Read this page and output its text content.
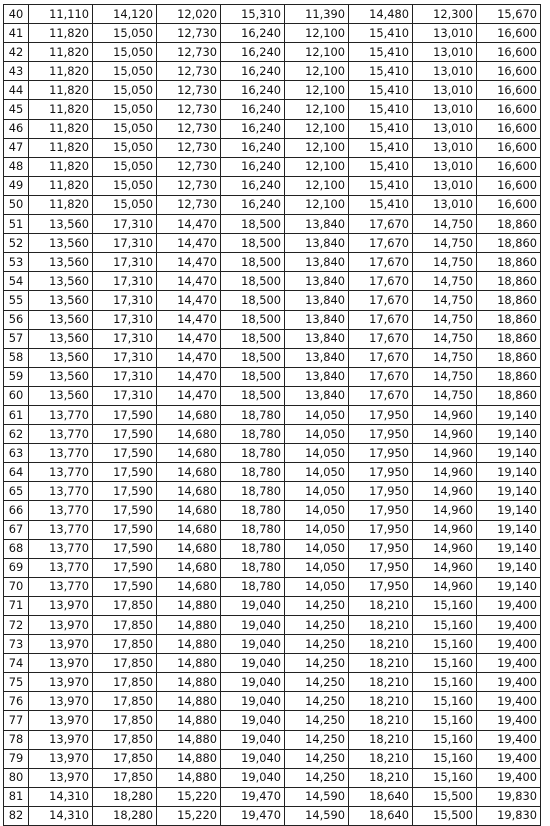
40	11,110	14,120	12,020	15,310	11,390	14,480	12,300	15,670
41	11,820	15,050	12,730	16,240	12,100	15,410	13,010	16,600
42	11,820	15,050	12,730	16,240	12,100	15,410	13,010	16,600
43	11,820	15,050	12,730	16,240	12,100	15,410	13,010	16,600
44	11,820	15,050	12,730	16,240	12,100	15,410	13,010	16,600
45	11,820	15,050	12,730	16,240	12,100	15,410	13,010	16,600
46	11,820	15,050	12,730	16,240	12,100	15,410	13,010	16,600
47	11,820	15,050	12,730	16,240	12,100	15,410	13,010	16,600
48	11,820	15,050	12,730	16,240	12,100	15,410	13,010	16,600
49	11,820	15,050	12,730	16,240	12,100	15,410	13,010	16,600
50	11,820	15,050	12,730	16,240	12,100	15,410	13,010	16,600
51	13,560	17,310	14,470	18,500	13,840	17,670	14,750	18,860
52	13,560	17,310	14,470	18,500	13,840	17,670	14,750	18,860
53	13,560	17,310	14,470	18,500	13,840	17,670	14,750	18,860
54	13,560	17,310	14,470	18,500	13,840	17,670	14,750	18,860
55	13,560	17,310	14,470	18,500	13,840	17,670	14,750	18,860
56	13,560	17,310	14,470	18,500	13,840	17,670	14,750	18,860
57	13,560	17,310	14,470	18,500	13,840	17,670	14,750	18,860
58	13,560	17,310	14,470	18,500	13,840	17,670	14,750	18,860
59	13,560	17,310	14,470	18,500	13,840	17,670	14,750	18,860
60	13,560	17,310	14,470	18,500	13,840	17,670	14,750	18,860
61	13,770	17,590	14,680	18,780	14,050	17,950	14,960	19,140
62	13,770	17,590	14,680	18,780	14,050	17,950	14,960	19,140
63	13,770	17,590	14,680	18,780	14,050	17,950	14,960	19,140
64	13,770	17,590	14,680	18,780	14,050	17,950	14,960	19,140
65	13,770	17,590	14,680	18,780	14,050	17,950	14,960	19,140
66	13,770	17,590	14,680	18,780	14,050	17,950	14,960	19,140
67	13,770	17,590	14,680	18,780	14,050	17,950	14,960	19,140
68	13,770	17,590	14,680	18,780	14,050	17,950	14,960	19,140
69	13,770	17,590	14,680	18,780	14,050	17,950	14,960	19,140
70	13,770	17,590	14,680	18,780	14,050	17,950	14,960	19,140
71	13,970	17,850	14,880	19,040	14,250	18,210	15,160	19,400
72	13,970	17,850	14,880	19,040	14,250	18,210	15,160	19,400
73	13,970	17,850	14,880	19,040	14,250	18,210	15,160	19,400
74	13,970	17,850	14,880	19,040	14,250	18,210	15,160	19,400
75	13,970	17,850	14,880	19,040	14,250	18,210	15,160	19,400
76	13,970	17,850	14,880	19,040	14,250	18,210	15,160	19,400
77	13,970	17,850	14,880	19,040	14,250	18,210	15,160	19,400
78	13,970	17,850	14,880	19,040	14,250	18,210	15,160	19,400
79	13,970	17,850	14,880	19,040	14,250	18,210	15,160	19,400
80	13,970	17,850	14,880	19,040	14,250	18,210	15,160	19,400
81	14,310	18,280	15,220	19,470	14,590	18,640	15,500	19,830
82	14,310	18,280	15,220	19,470	14,590	18,640	15,500	19,830
